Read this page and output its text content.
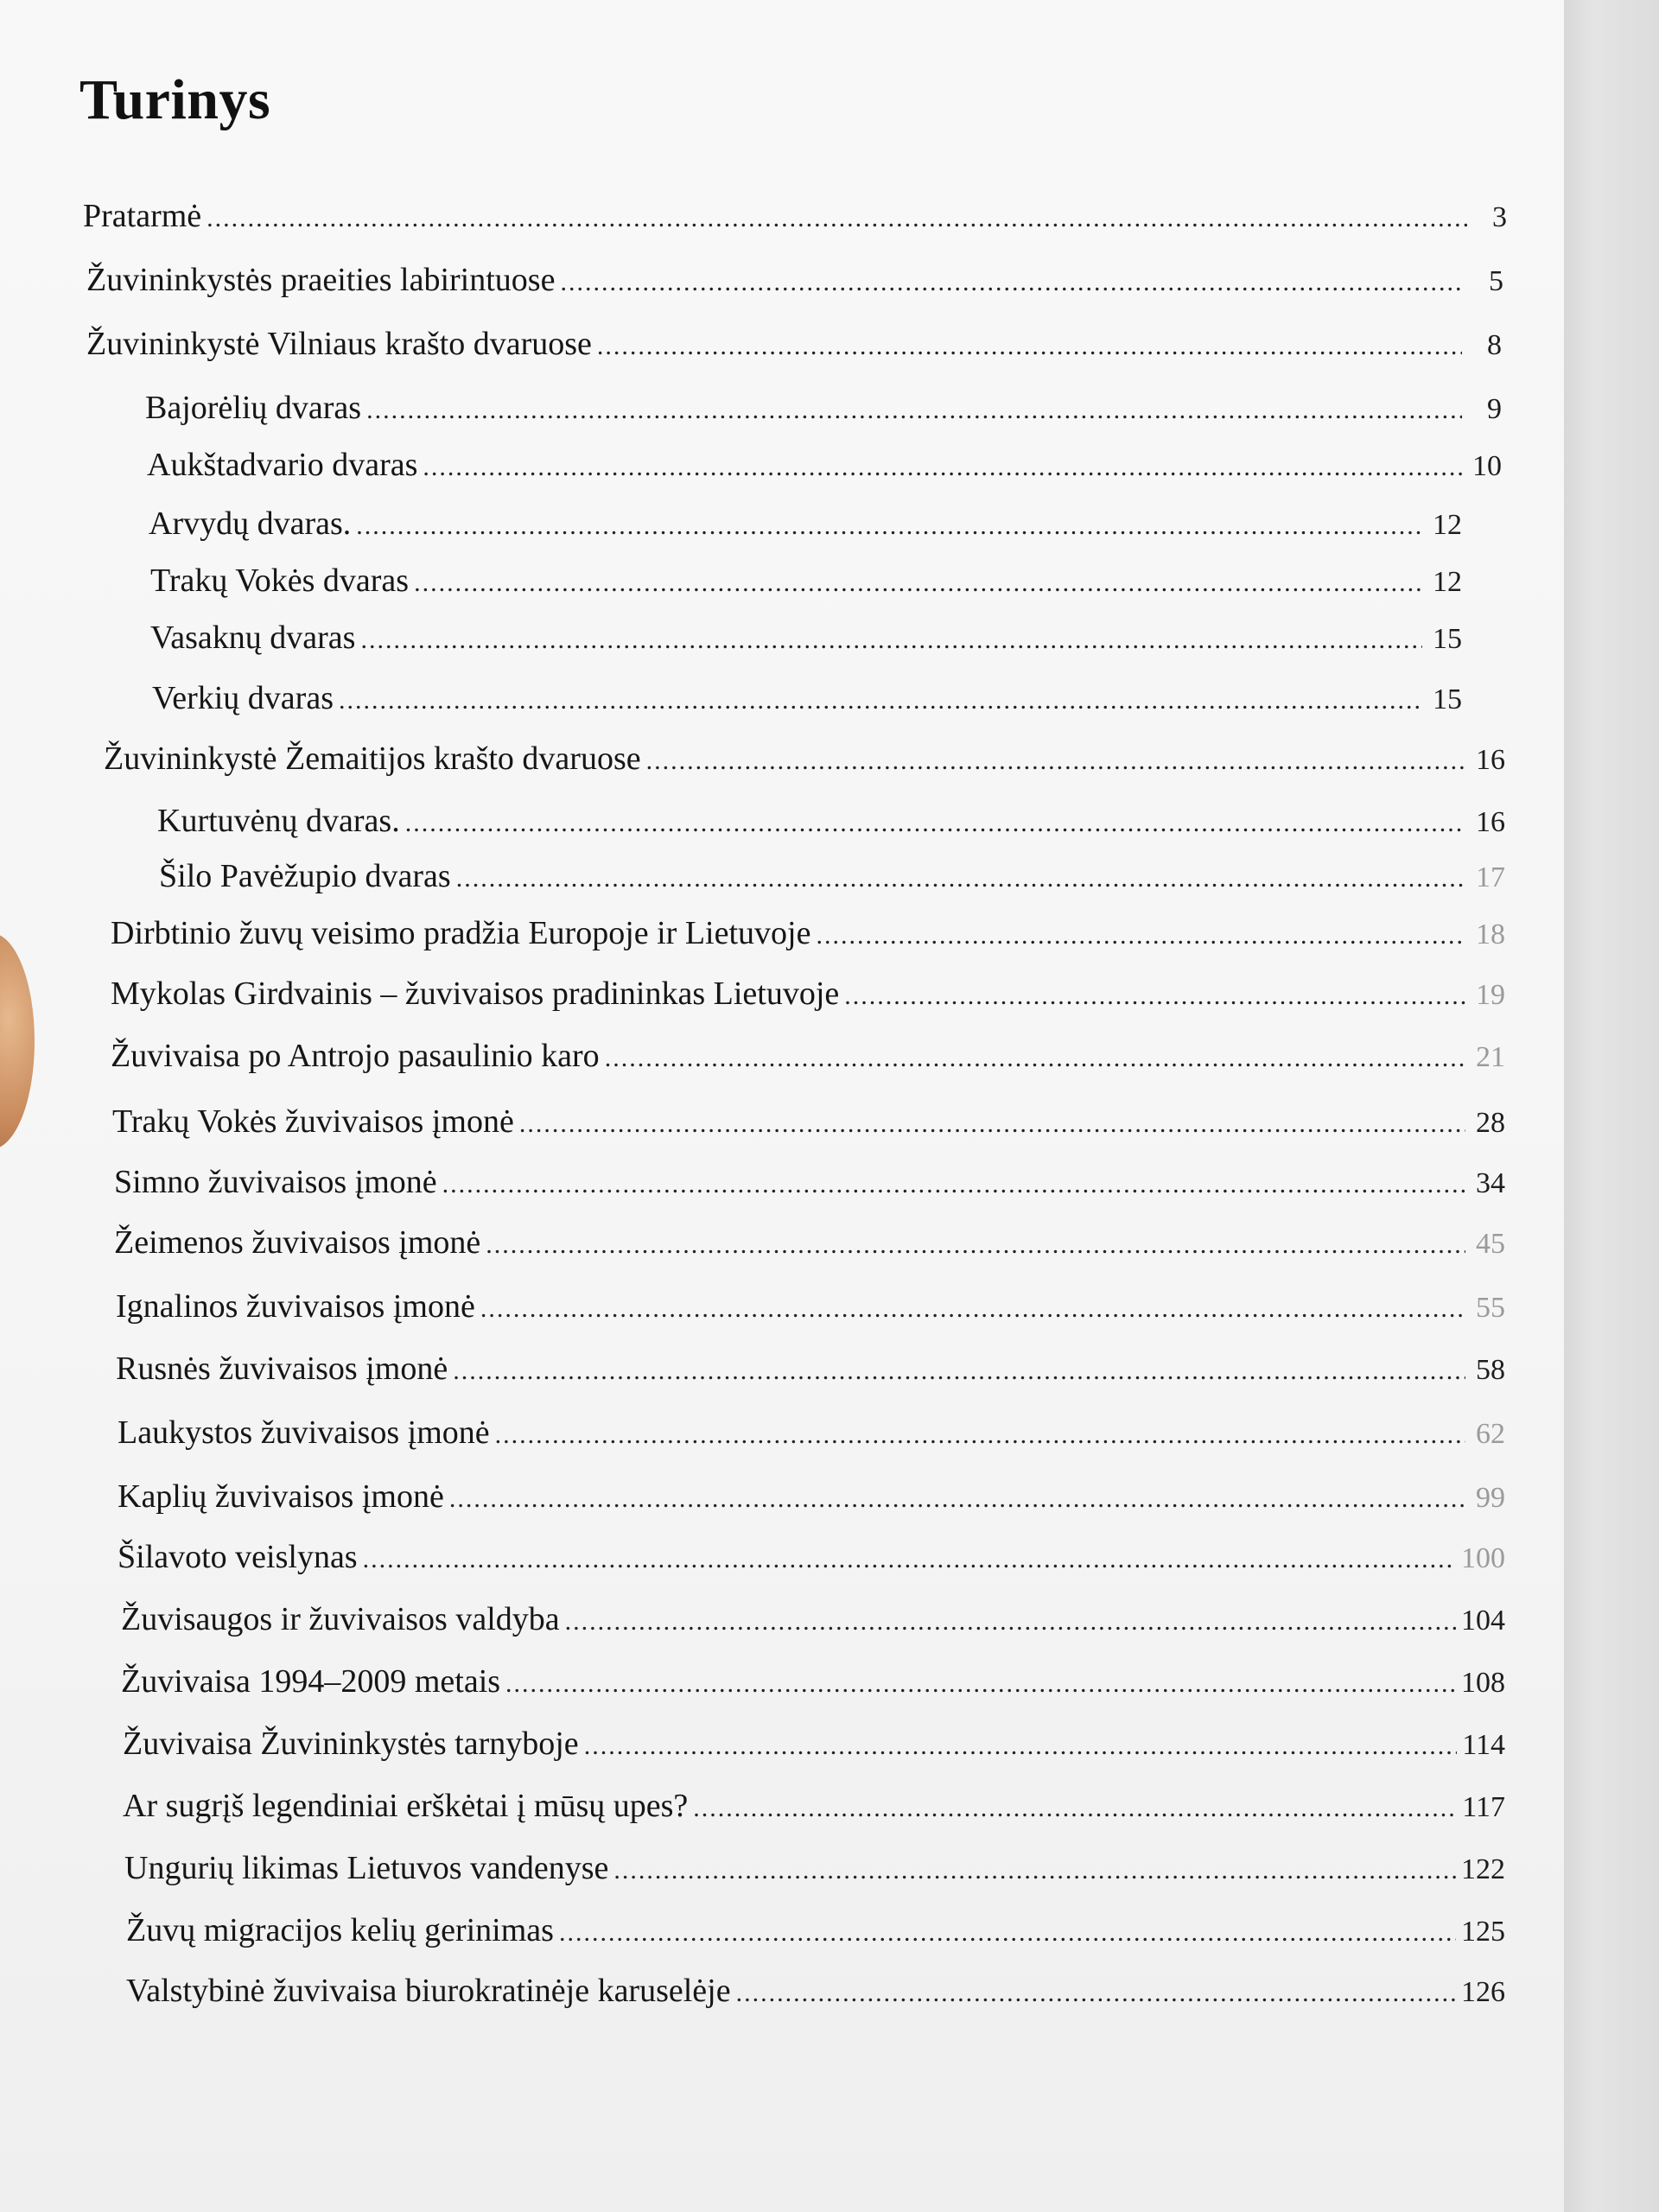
Turinys
Pratarmė .....	3
Žuvininkystės praeities labirintuose .....	5
Žuvininkystė Vilniaus krašto dvaruose .....	8
Bajorėlių dvaras .....	9
Aukštadvario dvaras .....	10
Arvydų dvaras. .....	12
Trakų Vokės dvaras .....	12
Vasaknų dvaras .....	15
Verkių dvaras .....	15
Žuvininkystė Žemaitijos krašto dvaruose .....	16
Kurtuvėnų dvaras. .....	16
Šilo Pavėžupio dvaras .....	17
Dirbtinio žuvų veisimo pradžia Europoje ir Lietuvoje .....	18
Mykolas Girdvainis – žuvivaisos pradininkas Lietuvoje .....	19
Žuvivaisa po Antrojo pasaulinio karo .....	21
Trakų Vokės žuvivaisos įmonė .....	28
Simno žuvivaisos įmonė .....	34
Žeimenos žuvivaisos įmonė .....	45
Ignalinos žuvivaisos įmonė .....	55
Rusnės žuvivaisos įmonė .....	58
Laukystos žuvivaisos įmonė .....	62
Kaplių žuvivaisos įmonė .....	99
Šilavoto veislynas .....	100
Žuvisaugos ir žuvivaisos valdyba .....	104
Žuvivaisa 1994–2009 metais .....	108
Žuvivaisa Žuvininkystės tarnyboje .....	114
Ar sugrįš legendiniai erškėtai į mūsų upes? .....	117
Ungurių likimas Lietuvos vandenyse .....	122
Žuvų migracijos kelių gerinimas .....	125
Valstybinė žuvivaisa biurokratinėje karuselėje .....	126
